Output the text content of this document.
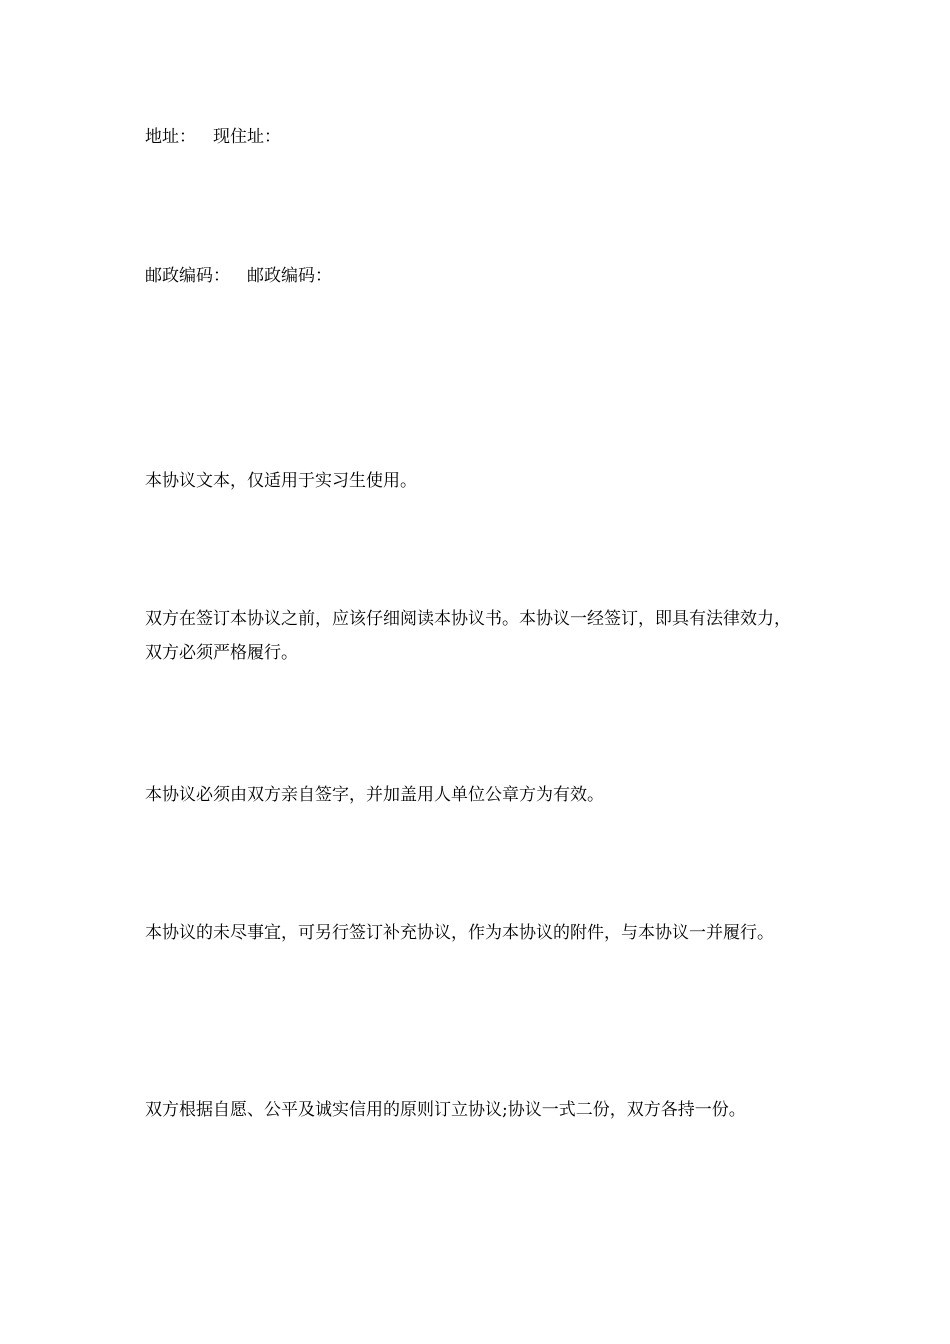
地址： 现住址：

邮政编码： 邮政编码：

本协议文本，仅适用于实习生使用。

双方在签订本协议之前，应该仔细阅读本协议书。本协议一经签订，即具有法律效力，双方必须严格履行。

本协议必须由双方亲自签字，并加盖用人单位公章方为有效。

本协议的未尽事宜，可另行签订补充协议，作为本协议的附件，与本协议一并履行。

双方根据自愿、公平及诚实信用的原则订立协议;协议一式二份，双方各持一份。
